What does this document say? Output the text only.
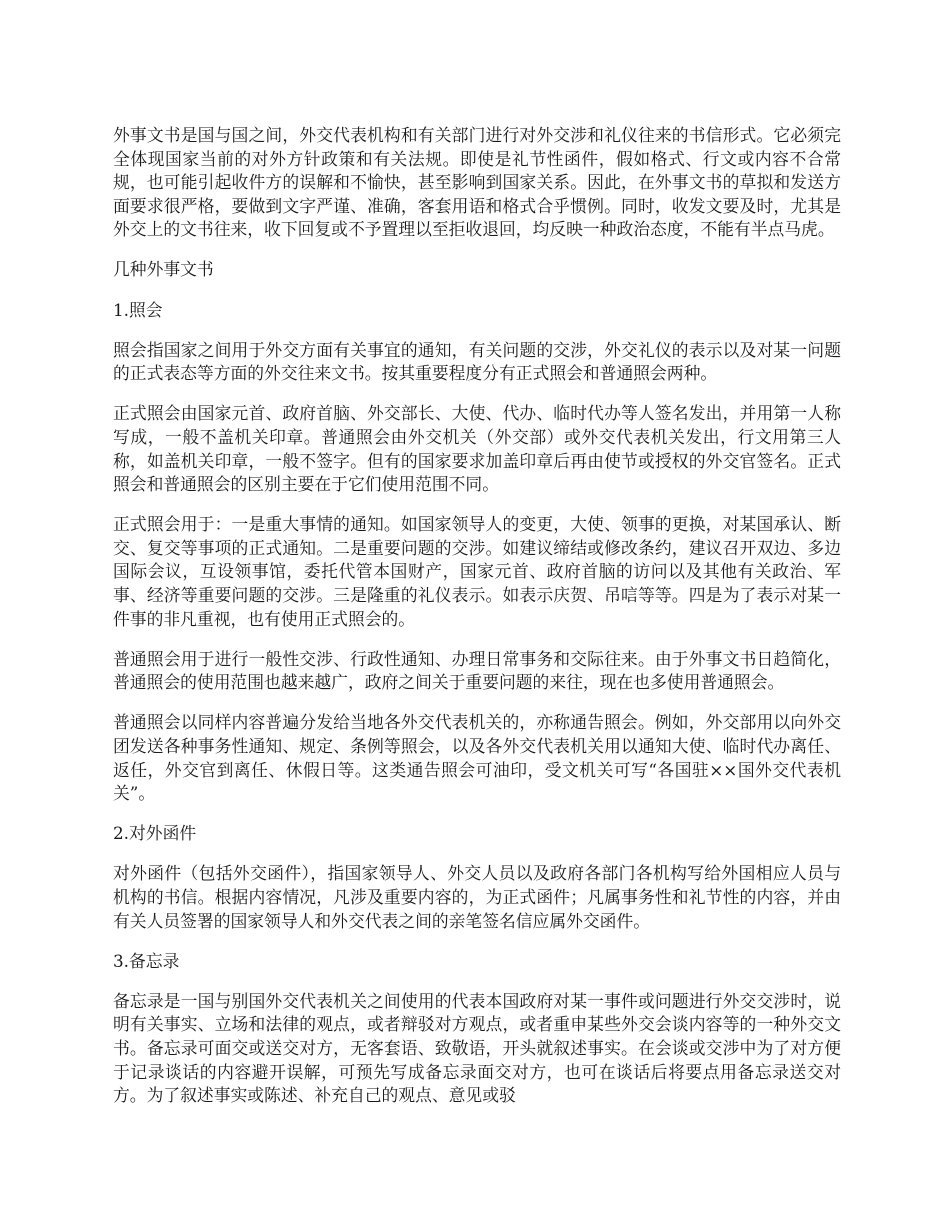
外事文书是国与国之间，外交代表机构和有关部门进行对外交涉和礼仪往来的书信形式。它必须完全体现国家当前的对外方针政策和有关法规。即使是礼节性函件，假如格式、行文或内容不合常规，也可能引起收件方的误解和不愉快，甚至影响到国家关系。因此，在外事文书的草拟和发送方面要求很严格，要做到文字严谨、准确，客套用语和格式合乎惯例。同时，收发文要及时，尤其是外交上的文书往来，收下回复或不予置理以至拒收退回，均反映一种政治态度，不能有半点马虎。

几种外事文书

1.照会

照会指国家之间用于外交方面有关事宜的通知，有关问题的交涉，外交礼仪的表示以及对某一问题的正式表态等方面的外交往来文书。按其重要程度分有正式照会和普通照会两种。

正式照会由国家元首、政府首脑、外交部长、大使、代办、临时代办等人签名发出，并用第一人称写成，一般不盖机关印章。普通照会由外交机关（外交部）或外交代表机关发出，行文用第三人称，如盖机关印章，一般不签字。但有的国家要求加盖印章后再由使节或授权的外交官签名。正式照会和普通照会的区别主要在于它们使用范围不同。

正式照会用于：一是重大事情的通知。如国家领导人的变更，大使、领事的更换，对某国承认、断交、复交等事项的正式通知。二是重要问题的交涉。如建议缔结或修改条约，建议召开双边、多边国际会议，互设领事馆，委托代管本国财产，国家元首、政府首脑的访问以及其他有关政治、军事、经济等重要问题的交涉。三是隆重的礼仪表示。如表示庆贺、吊唁等等。四是为了表示对某一件事的非凡重视，也有使用正式照会的。

普通照会用于进行一般性交涉、行政性通知、办理日常事务和交际往来。由于外事文书日趋简化，普通照会的使用范围也越来越广，政府之间关于重要问题的来往，现在也多使用普通照会。

普通照会以同样内容普遍分发给当地各外交代表机关的，亦称通告照会。例如，外交部用以向外交团发送各种事务性通知、规定、条例等照会，以及各外交代表机关用以通知大使、临时代办离任、返任，外交官到离任、休假日等。这类通告照会可油印，受文机关可写“各国驻××国外交代表机关”。

2.对外函件

对外函件（包括外交函件），指国家领导人、外交人员以及政府各部门各机构写给外国相应人员与机构的书信。根据内容情况，凡涉及重要内容的，为正式函件；凡属事务性和礼节性的内容，并由有关人员签署的国家领导人和外交代表之间的亲笔签名信应属外交函件。

3.备忘录

备忘录是一国与别国外交代表机关之间使用的代表本国政府对某一事件或问题进行外交交涉时，说明有关事实、立场和法律的观点，或者辩驳对方观点，或者重申某些外交会谈内容等的一种外交文书。备忘录可面交或送交对方，无客套语、致敬语，开头就叙述事实。在会谈或交涉中为了对方便于记录谈话的内容避开误解，可预先写成备忘录面交对方，也可在谈话后将要点用备忘录送交对方。为了叙述事实或陈述、补充自己的观点、意见或驳
